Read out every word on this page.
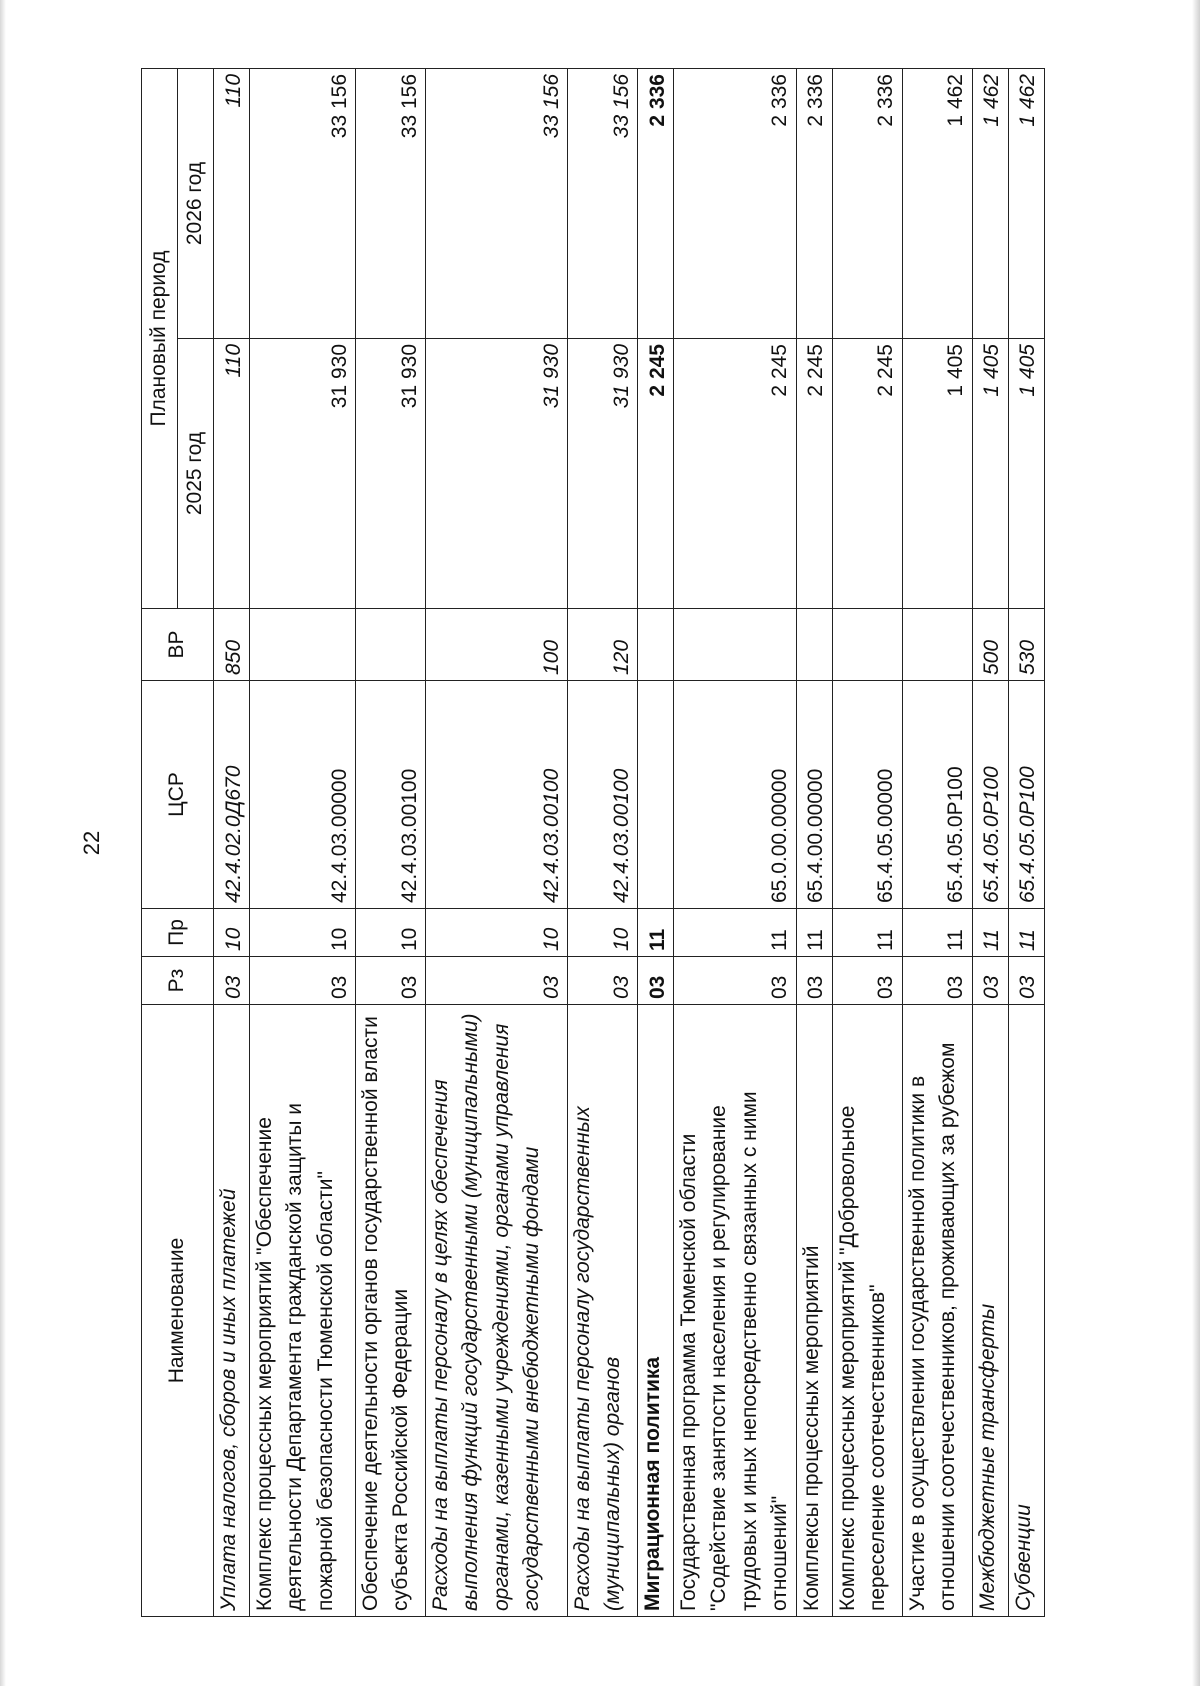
22
Наименование	Рз	Пр	ЦСР	ВР	Плановый период	
					2025 год	2026 год
Уплата налогов, сборов и иных платежей	03	10	42.4.02.0Д670	850	110	110
Комплекс процессных мероприятий "Обеспечение деятельности Департамента гражданской защиты и пожарной безопасности Тюменской области"	03	10	42.4.03.00000		31 930	33 156
Обеспечение деятельности органов государственной власти субъекта Российской Федерации	03	10	42.4.03.00100		31 930	33 156
Расходы на выплаты персоналу в целях обеспечения выполнения функций государственными (муниципальными) органами, казенными учреждениями, органами управления государственными внебюджетными фондами	03	10	42.4.03.00100	100	31 930	33 156
Расходы на выплаты персоналу государственных (муниципальных) органов	03	10	42.4.03.00100	120	31 930	33 156
Миграционная политика	03	11			2 245	2 336
Государственная программа Тюменской области "Содействие занятости населения и регулирование трудовых и иных непосредственно связанных с ними отношений"	03	11	65.0.00.00000		2 245	2 336
Комплексы процессных мероприятий	03	11	65.4.00.00000		2 245	2 336
Комплекс процессных мероприятий "Добровольное переселение соотечественников"	03	11	65.4.05.00000		2 245	2 336
Участие в осуществлении государственной политики в отношении соотечественников, проживающих за рубежом	03	11	65.4.05.0Р100		1 405	1 462
Межбюджетные трансферты	03	11	65.4.05.0Р100	500	1 405	1 462
Субвенции	03	11	65.4.05.0Р100	530	1 405	1 462
